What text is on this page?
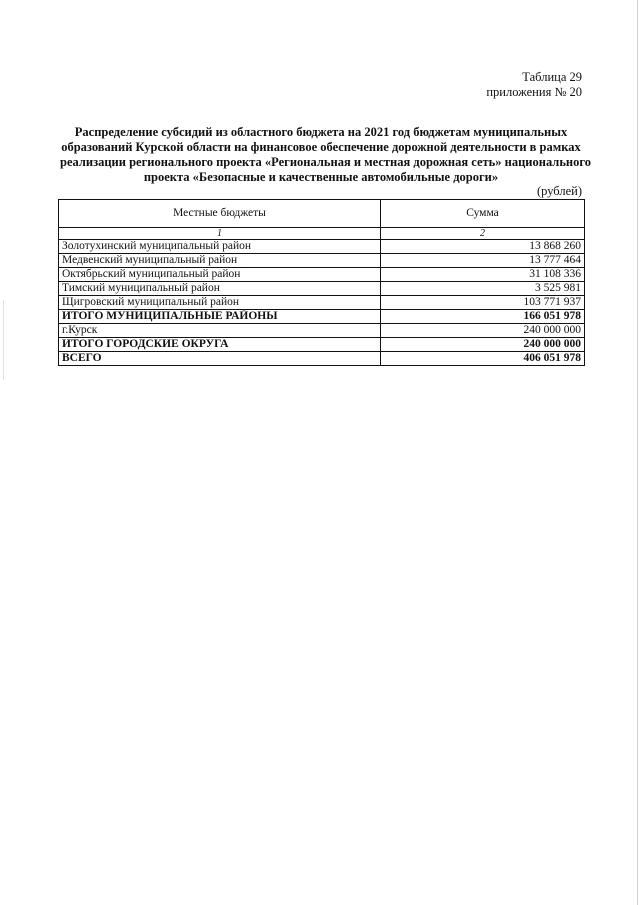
Таблица 29
приложения № 20
Распределение субсидий из областного бюджета на 2021 год бюджетам муниципальных
образований Курской области на финансовое обеспечение дорожной деятельности в рамках
реализации регионального проекта «Региональная и местная дорожная сеть» национального
проекта «Безопасные и качественные автомобильные дороги»
(рублей)
Местные бюджеты	Сумма
1	2
Золотухинский муниципальный район	13 868 260
Медвенский муниципальный район	13 777 464
Октябрьский муниципальный район	31 108 336
Тимский муниципальный район	3 525 981
Щигровский муниципальный район	103 771 937
ИТОГО МУНИЦИПАЛЬНЫЕ РАЙОНЫ	166 051 978
г.Курск	240 000 000
ИТОГО ГОРОДСКИЕ ОКРУГА	240 000 000
ВСЕГО	406 051 978
